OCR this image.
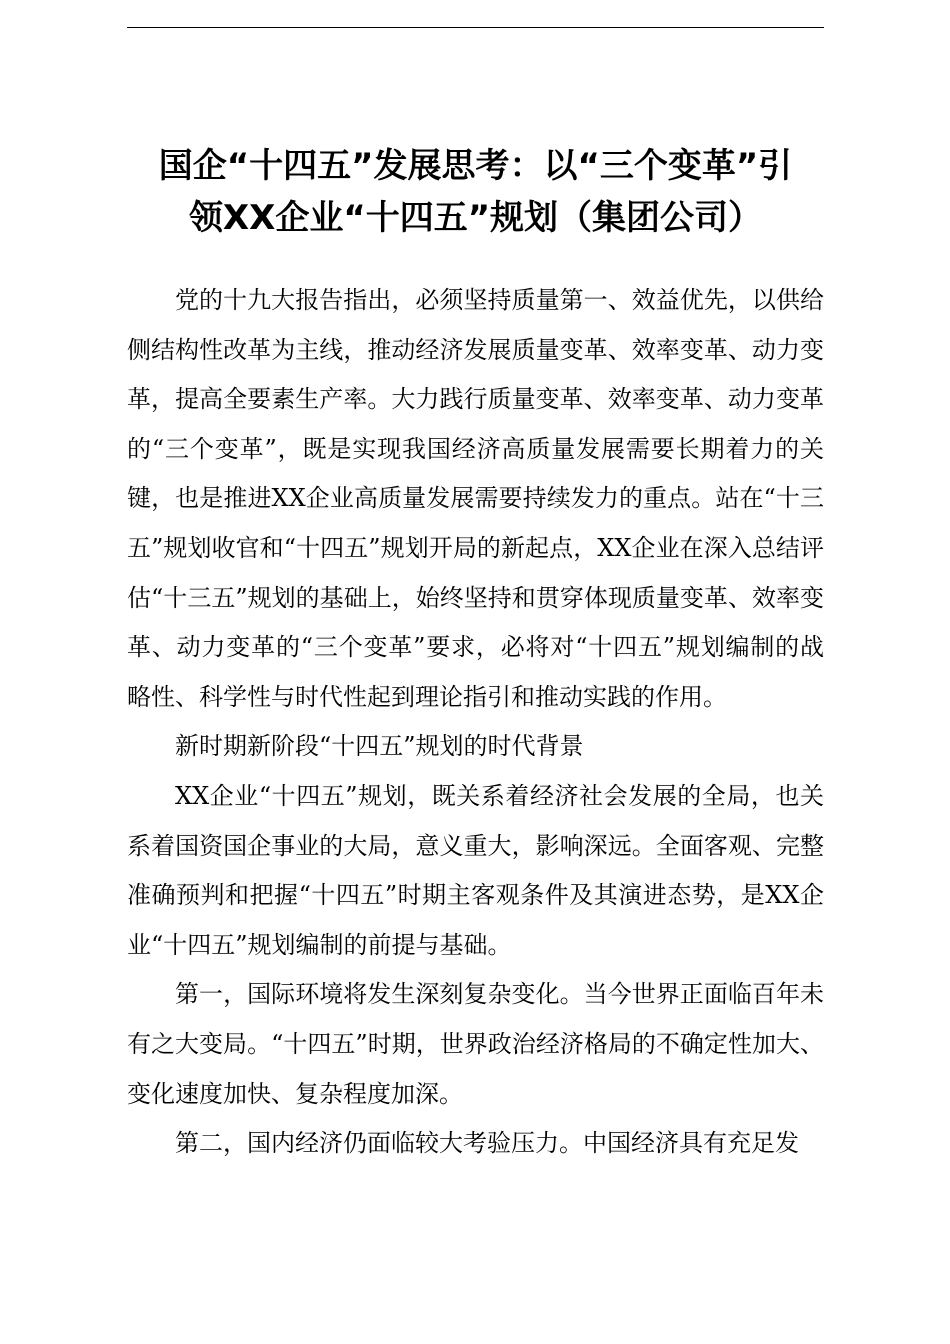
国企“十四五”发展思考：以“三个变革”引
领XX企业“十四五”规划（集团公司）

党的十九大报告指出，必须坚持质量第一、效益优先，以供给侧结构性改革为主线，推动经济发展质量变革、效率变革、动力变革，提高全要素生产率。大力践行质量变革、效率变革、动力变革的“三个变革”，既是实现我国经济高质量发展需要长期着力的关键，也是推进XX企业高质量发展需要持续发力的重点。站在“十三五”规划收官和“十四五”规划开局的新起点，XX企业在深入总结评估“十三五”规划的基础上，始终坚持和贯穿体现质量变革、效率变革、动力变革的“三个变革”要求，必将对“十四五”规划编制的战略性、科学性与时代性起到理论指引和推动实践的作用。

新时期新阶段“十四五”规划的时代背景

XX企业“十四五”规划，既关系着经济社会发展的全局，也关系着国资国企事业的大局，意义重大，影响深远。全面客观、完整准确预判和把握“十四五”时期主客观条件及其演进态势，是XX企业“十四五”规划编制的前提与基础。

第一，国际环境将发生深刻复杂变化。当今世界正面临百年未有之大变局。“十四五”时期，世界政治经济格局的不确定性加大、变化速度加快、复杂程度加深。

第二，国内经济仍面临较大考验压力。中国经济具有充足发
